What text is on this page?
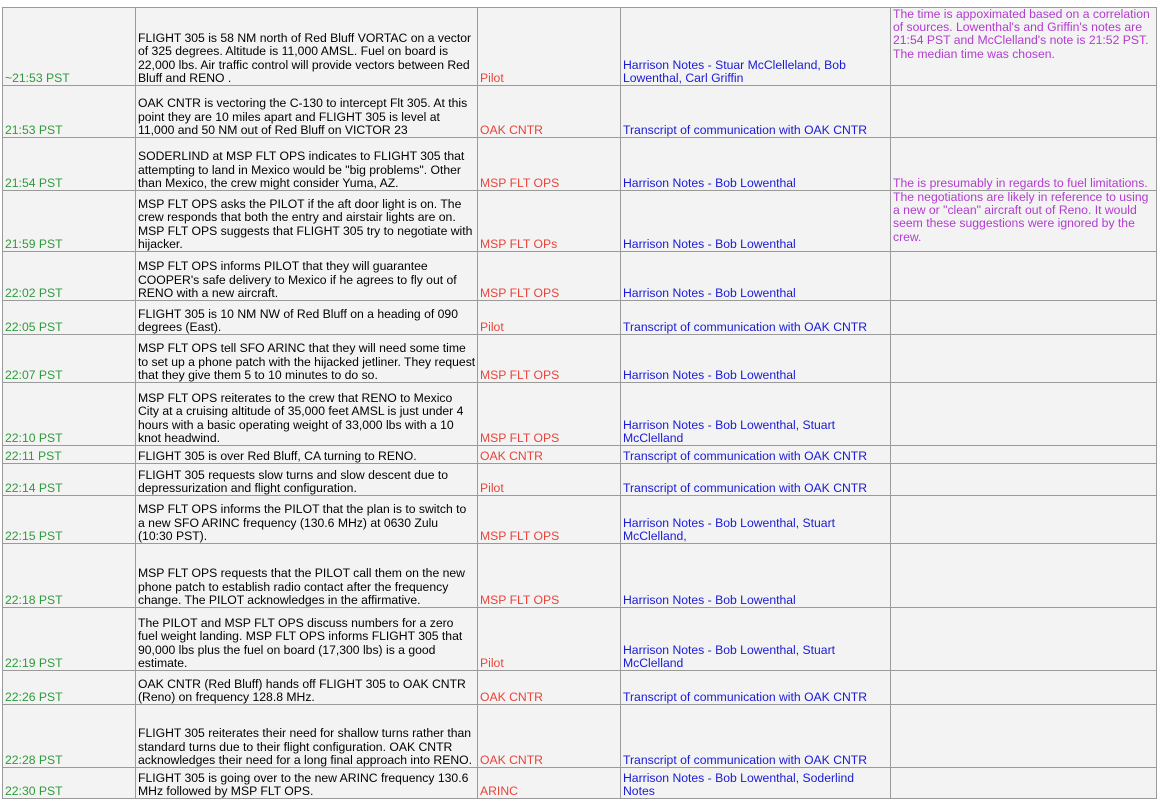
~21:53 PST	FLIGHT 305 is 58 NM north of Red Bluff VORTAC on a vector of 325 degrees. Altitude is 11,000 AMSL. Fuel on board is 22,000 lbs. Air traffic control will provide vectors between Red Bluff and RENO .	Pilot	Harrison Notes - Stuar McClelleland, Bob Lowenthal, Carl Griffin	The time is appoximated based on a correlation of sources. Lowenthal's and Griffin's notes are 21:54 PST and McClelland's note is 21:52 PST. The median time was chosen.
21:53 PST	OAK CNTR is vectoring the C-130 to intercept Flt 305. At this point they are 10 miles apart and FLIGHT 305 is level at 11,000 and 50 NM out of Red Bluff on VICTOR 23	OAK CNTR	Transcript of communication with OAK CNTR	
21:54 PST	SODERLIND at MSP FLT OPS indicates to FLIGHT 305 that attempting to land in Mexico would be "big problems". Other than Mexico, the crew might consider Yuma, AZ.	MSP FLT OPS	Harrison Notes - Bob Lowenthal	The is presumably in regards to fuel limitations.
21:59 PST	MSP FLT OPS asks the PILOT if the aft door light is on. The crew responds that both the entry and airstair lights are on. MSP FLT OPS suggests that FLIGHT 305 try to negotiate with hijacker.	MSP FLT OPs	Harrison Notes - Bob Lowenthal	The negotiations are likely in reference to using a new or "clean" aircraft out of Reno. It would seem these suggestions were ignored by the crew.
22:02 PST	MSP FLT OPS informs PILOT that they will guarantee COOPER's safe delivery to Mexico if he agrees to fly out of RENO with a new aircraft.	MSP FLT OPS	Harrison Notes - Bob Lowenthal	
22:05 PST	FLIGHT 305 is 10 NM NW of Red Bluff on a heading of 090 degrees (East).	Pilot	Transcript of communication with OAK CNTR	
22:07 PST	MSP FLT OPS tell SFO ARINC that they will need some time to set up a phone patch with the hijacked jetliner. They request that they give them 5 to 10 minutes to do so.	MSP FLT OPS	Harrison Notes - Bob Lowenthal	
22:10 PST	MSP FLT OPS reiterates to the crew that RENO to Mexico City at a cruising altitude of 35,000 feet AMSL is just under 4 hours with a basic operating weight of 33,000 lbs with a 10 knot headwind.	MSP FLT OPS	Harrison Notes - Bob Lowenthal, Stuart McClelland	
22:11 PST	FLIGHT 305 is over Red Bluff, CA turning to RENO.	OAK CNTR	Transcript of communication with OAK CNTR	
22:14 PST	FLIGHT 305 requests slow turns and slow descent due to depressurization and flight configuration.	Pilot	Transcript of communication with OAK CNTR	
22:15 PST	MSP FLT OPS informs the PILOT that the plan is to switch to a new SFO ARINC frequency (130.6 MHz) at 0630 Zulu (10:30 PST).	MSP FLT OPS	Harrison Notes - Bob Lowenthal, Stuart McClelland,	
22:18 PST	MSP FLT OPS requests that the PILOT call them on the new phone patch to establish radio contact after the frequency change. The PILOT acknowledges in the affirmative.	MSP FLT OPS	Harrison Notes - Bob Lowenthal	
22:19 PST	The PILOT and MSP FLT OPS discuss numbers for a zero fuel weight landing. MSP FLT OPS informs FLIGHT 305 that 90,000 lbs plus the fuel on board (17,300 lbs) is a good estimate.	Pilot	Harrison Notes - Bob Lowenthal, Stuart McClelland	
22:26 PST	OAK CNTR (Red Bluff) hands off FLIGHT 305 to OAK CNTR (Reno) on frequency 128.8 MHz.	OAK CNTR	Transcript of communication with OAK CNTR	
22:28 PST	FLIGHT 305 reiterates their need for shallow turns rather than standard turns due to their flight configuration. OAK CNTR acknowledges their need for a long final approach into RENO.	OAK CNTR	Transcript of communication with OAK CNTR	
22:30 PST	FLIGHT 305 is going over to the new ARINC frequency 130.6 MHz followed by MSP FLT OPS.	ARINC	Harrison Notes - Bob Lowenthal, Soderlind Notes	
